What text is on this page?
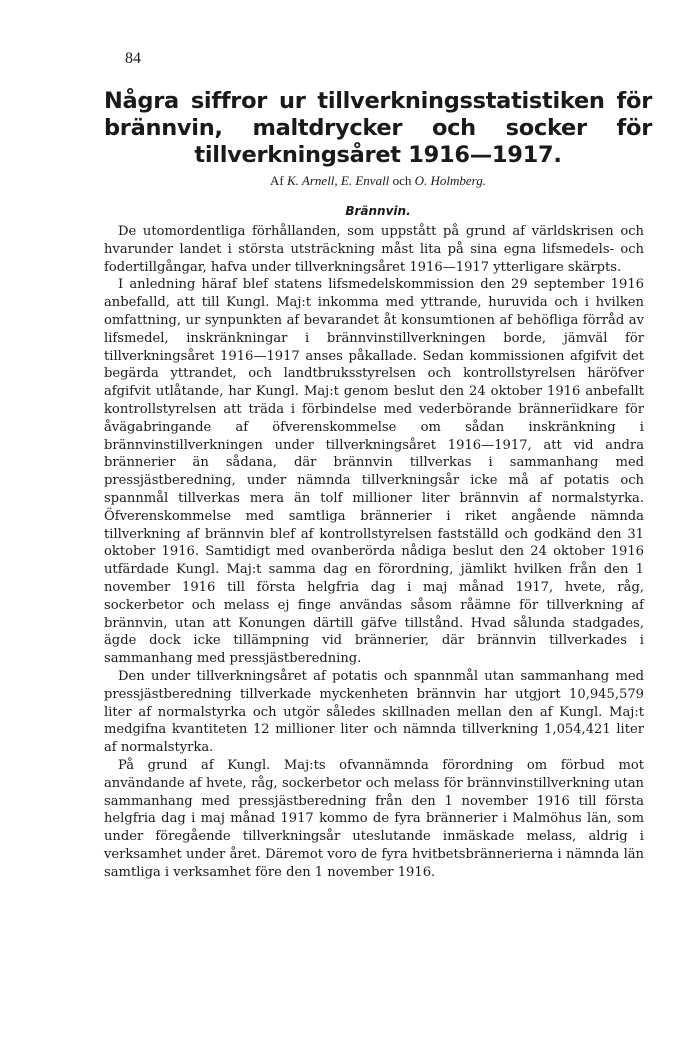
84
Några siffror ur tillverkningsstatistiken för brännvin, maltdrycker och socker för tillverkningsåret 1916—1917.
Af K. Arnell, E. Envall och O. Holmberg.
Brännvin.

De utomordentliga förhållanden, som uppstått på grund af världskrisen och hvarunder landet i största utsträckning måst lita på sina egna lifsmedels- och fodertillgångar, hafva under tillverkningsåret 1916—1917 ytterligare skärpts.

I anledning häraf blef statens lifsmedelskommission den 29 september 1916 anbefalld, att till Kungl. Maj:t inkomma med yttrande, huruvida och i hvilken omfattning, ur synpunkten af bevarandet åt konsumtionen af behöfliga förråd av lifsmedel, inskränkningar i brännvinstillverkningen borde, jämväl för tillverkningsåret 1916—1917 anses påkallade. Sedan kommissionen afgifvit det begärda yttrandet, och landtbruksstyrelsen och kontrollstyrelsen häröfver afgifvit utlåtande, har Kungl. Maj:t genom beslut den 24 oktober 1916 anbefallt kontrollstyrelsen att träda i förbindelse med vederbörande brännerïidkare för åvägabringande af öfverenskommelse om sådan inskränkning i brännvinstillverkningen under tillverkningsåret 1916—1917, att vid andra brännerier än sådana, där brännvin tillverkas i sammanhang med pressjästberedning, under nämnda tillverkningsår icke må af potatis och spannmål tillverkas mera än tolf millioner liter brännvin af normalstyrka. Öfverenskommelse med samtliga brännerier i riket angående nämnda tillverkning af brännvin blef af kontrollstyrelsen fastställd och godkänd den 31 oktober 1916. Samtidigt med ovanberörda nådiga beslut den 24 oktober 1916 utfärdade Kungl. Maj:t samma dag en förordning, jämlikt hvilken från den 1 november 1916 till första helgfria dag i maj månad 1917, hvete, råg, sockerbetor och melass ej finge användas såsom råämne för tillverkning af brännvin, utan att Konungen därtill gäfve tillstånd. Hvad sålunda stadgades, ägde dock icke tillämpning vid brännerier, där brännvin tillverkades i sammanhang med pressjästberedning.

Den under tillverkningsåret af potatis och spannmål utan sammanhang med pressjästberedning tillverkade myckenheten brännvin har utgjort 10,945,579 liter af normalstyrka och utgör således skillnaden mellan den af Kungl. Maj:t medgifna kvantiteten 12 millioner liter och nämnda tillverkning 1,054,421 liter af normalstyrka.

På grund af Kungl. Maj:ts ofvannämnda förordning om förbud mot användande af hvete, råg, sockerbetor och melass för brännvinstillverkning utan sammanhang med pressjästberedning från den 1 november 1916 till första helgfria dag i maj månad 1917 kommo de fyra brännerier i Malmöhus län, som under föregående tillverkningsår uteslutande inmäskade melass, aldrig i verksamhet under året. Däremot voro de fyra hvitbetsbrännerierna i nämnda län samtliga i verksamhet före den 1 november 1916.
